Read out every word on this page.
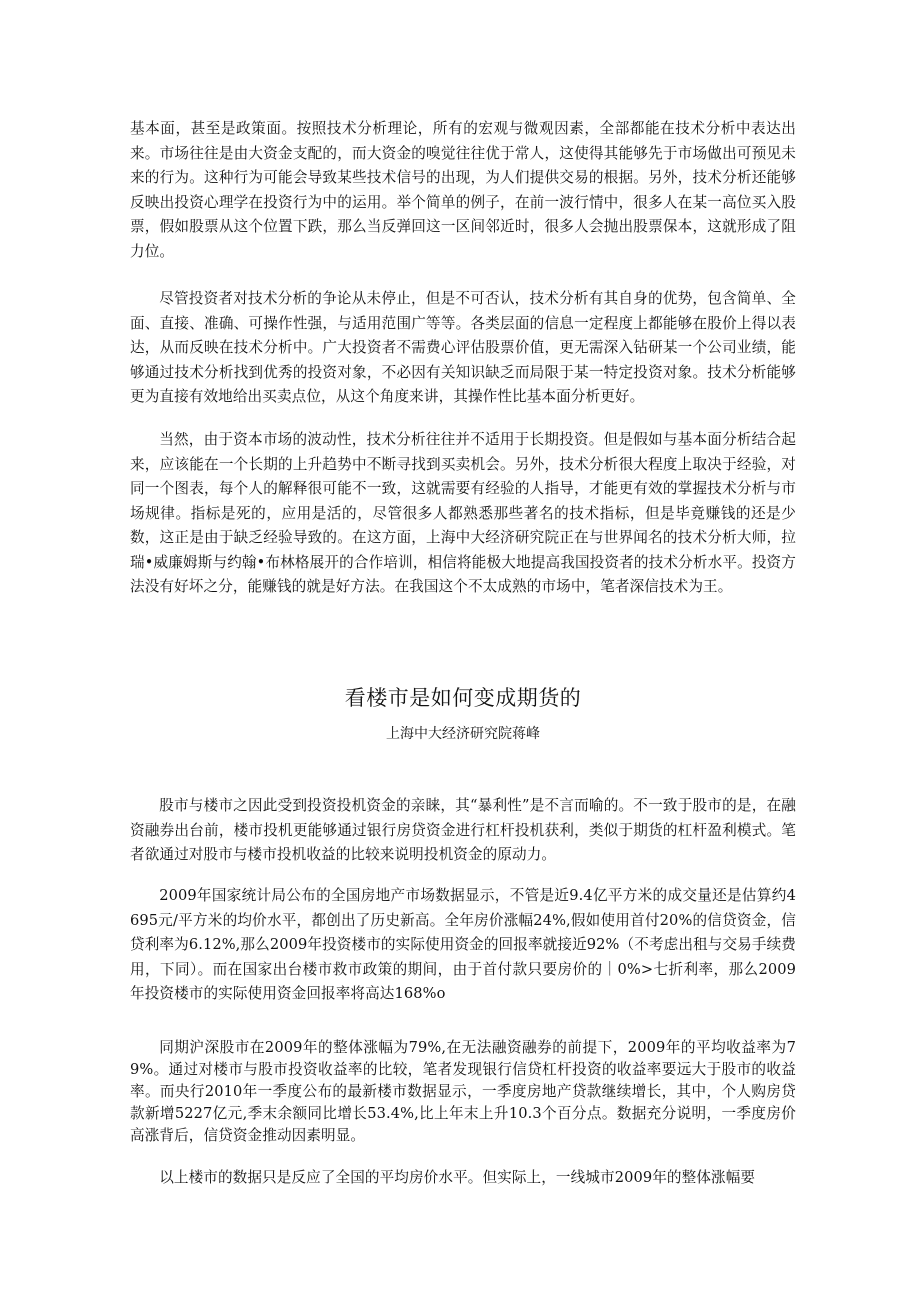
基本面，甚至是政策面。按照技术分析理论，所有的宏观与微观因素，全部都能在技术分析中表达出来。市场往往是由大资金支配的，而大资金的嗅觉往往优于常人，这使得其能够先于市场做出可预见未来的行为。这种行为可能会导致某些技术信号的出现，为人们提供交易的根据。另外，技术分析还能够反映出投资心理学在投资行为中的运用。举个简单的例子，在前一波行情中，很多人在某一高位买入股票，假如股票从这个位置下跌，那么当反弹回这一区间邻近时，很多人会抛出股票保本，这就形成了阻力位。

尽管投资者对技术分析的争论从未停止，但是不可否认，技术分析有其自身的优势，包含简单、全面、直接、准确、可操作性强，与适用范围广等等。各类层面的信息一定程度上都能够在股价上得以表达，从而反映在技术分析中。广大投资者不需费心评估股票价值，更无需深入钻研某一个公司业绩，能够通过技术分析找到优秀的投资对象，不必因有关知识缺乏而局限于某一特定投资对象。技术分析能够更为直接有效地给出买卖点位，从这个角度来讲，其操作性比基本面分析更好。

当然，由于资本市场的波动性，技术分析往往并不适用于长期投资。但是假如与基本面分析结合起来，应该能在一个长期的上升趋势中不断寻找到买卖机会。另外，技术分析很大程度上取决于经验，对同一个图表，每个人的解释很可能不一致，这就需要有经验的人指导，才能更有效的掌握技术分析与市场规律。指标是死的，应用是活的，尽管很多人都熟悉那些著名的技术指标，但是毕竟赚钱的还是少数，这正是由于缺乏经验导致的。在这方面，上海中大经济研究院正在与世界闻名的技术分析大师，拉瑞•威廉姆斯与约翰•布林格展开的合作培训，相信将能极大地提高我国投资者的技术分析水平。投资方法没有好坏之分，能赚钱的就是好方法。在我国这个不太成熟的市场中，笔者深信技术为王。

看楼市是如何变成期货的
上海中大经济研究院蒋峰

股市与楼市之因此受到投资投机资金的亲睐，其“暴利性”是不言而喻的。不一致于股市的是，在融资融券出台前，楼市投机更能够通过银行房贷资金进行杠杆投机获利，类似于期货的杠杆盈利模式。笔者欲通过对股市与楼市投机收益的比较来说明投机资金的原动力。

2009年国家统计局公布的全国房地产市场数据显示，不管是近9.4亿平方米的成交量还是估算约4695元/平方米的均价水平，都创出了历史新高。全年房价涨幅24%,假如使用首付20%的信贷资金，信贷利率为6.12%,那么2009年投资楼市的实际使用资金的回报率就接近92%（不考虑出租与交易手续费用，下同）。而在国家出台楼市救市政策的期间，由于首付款只要房价的｜0%>七折利率，那么2009年投资楼市的实际使用资金回报率将高达168%o

同期沪深股市在2009年的整体涨幅为79%,在无法融资融券的前提下，2009年的平均收益率为79%。通过对楼市与股市投资收益率的比较，笔者发现银行信贷杠杆投资的收益率要远大于股市的收益率。而央行2010年一季度公布的最新楼市数据显示，一季度房地产贷款继续增长，其中，个人购房贷款新增5227亿元,季末余额同比增长53.4%,比上年末上升10.3个百分点。数据充分说明，一季度房价高涨背后，信贷资金推动因素明显。

以上楼市的数据只是反应了全国的平均房价水平。但实际上，一线城市2009年的整体涨幅要
